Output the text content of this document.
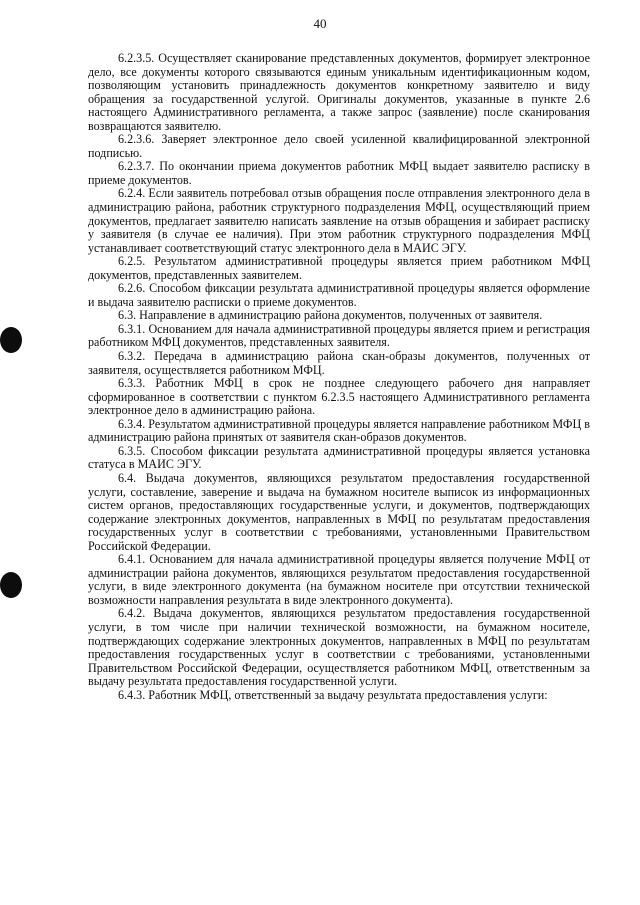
40

6.2.3.5. Осуществляет сканирование представленных документов, формирует электронное дело, все документы которого связываются единым уникальным идентификационным кодом, позволяющим установить принадлежность документов конкретному заявителю и виду обращения за государственной услугой. Оригиналы документов, указанные в пункте 2.6 настоящего Административного регламента, а также запрос (заявление) после сканирования возвращаются заявителю.

6.2.3.6. Заверяет электронное дело своей усиленной квалифицированной электронной подписью.

6.2.3.7. По окончании приема документов работник МФЦ выдает заявителю расписку в приеме документов.

6.2.4. Если заявитель потребовал отзыв обращения после отправления электронного дела в администрацию района, работник структурного подразделения МФЦ, осуществляющий прием документов, предлагает заявителю написать заявление на отзыв обращения и забирает расписку у заявителя (в случае ее наличия). При этом работник структурного подразделения МФЦ устанавливает соответствующий статус электронного дела в МАИС ЭГУ.

6.2.5. Результатом административной процедуры является прием работником МФЦ документов, представленных заявителем.

6.2.6. Способом фиксации результата административной процедуры является оформление и выдача заявителю расписки о приеме документов.

6.3. Направление в администрацию района документов, полученных от заявителя.

6.3.1. Основанием для начала административной процедуры является прием и регистрация работником МФЦ документов, представленных заявителя.

6.3.2. Передача в администрацию района скан-образы документов, полученных от заявителя, осуществляется работником МФЦ.

6.3.3. Работник МФЦ в срок не позднее следующего рабочего дня направляет сформированное в соответствии с пунктом 6.2.3.5 настоящего Административного регламента электронное дело в администрацию района.

6.3.4. Результатом административной процедуры является направление работником МФЦ в администрацию района принятых от заявителя скан-образов документов.

6.3.5. Способом фиксации результата административной процедуры является установка статуса в МАИС ЭГУ.

6.4. Выдача документов, являющихся результатом предоставления государственной услуги, составление, заверение и выдача на бумажном носителе выписок из информационных систем органов, предоставляющих государственные услуги, и документов, подтверждающих содержание электронных документов, направленных в МФЦ по результатам предоставления государственных услуг в соответствии с требованиями, установленными Правительством Российской Федерации.

6.4.1. Основанием для начала административной процедуры является получение МФЦ от администрации района документов, являющихся результатом предоставления государственной услуги, в виде электронного документа (на бумажном носителе при отсутствии технической возможности направления результата в виде электронного документа).

6.4.2. Выдача документов, являющихся результатом предоставления государственной услуги, в том числе при наличии технической возможности, на бумажном носителе, подтверждающих содержание электронных документов, направленных в МФЦ по результатам предоставления государственных услуг в соответствии с требованиями, установленными Правительством Российской Федерации, осуществляется работником МФЦ, ответственным за выдачу результата предоставления государственной услуги.

6.4.3. Работник МФЦ, ответственный за выдачу результата предоставления услуги:
